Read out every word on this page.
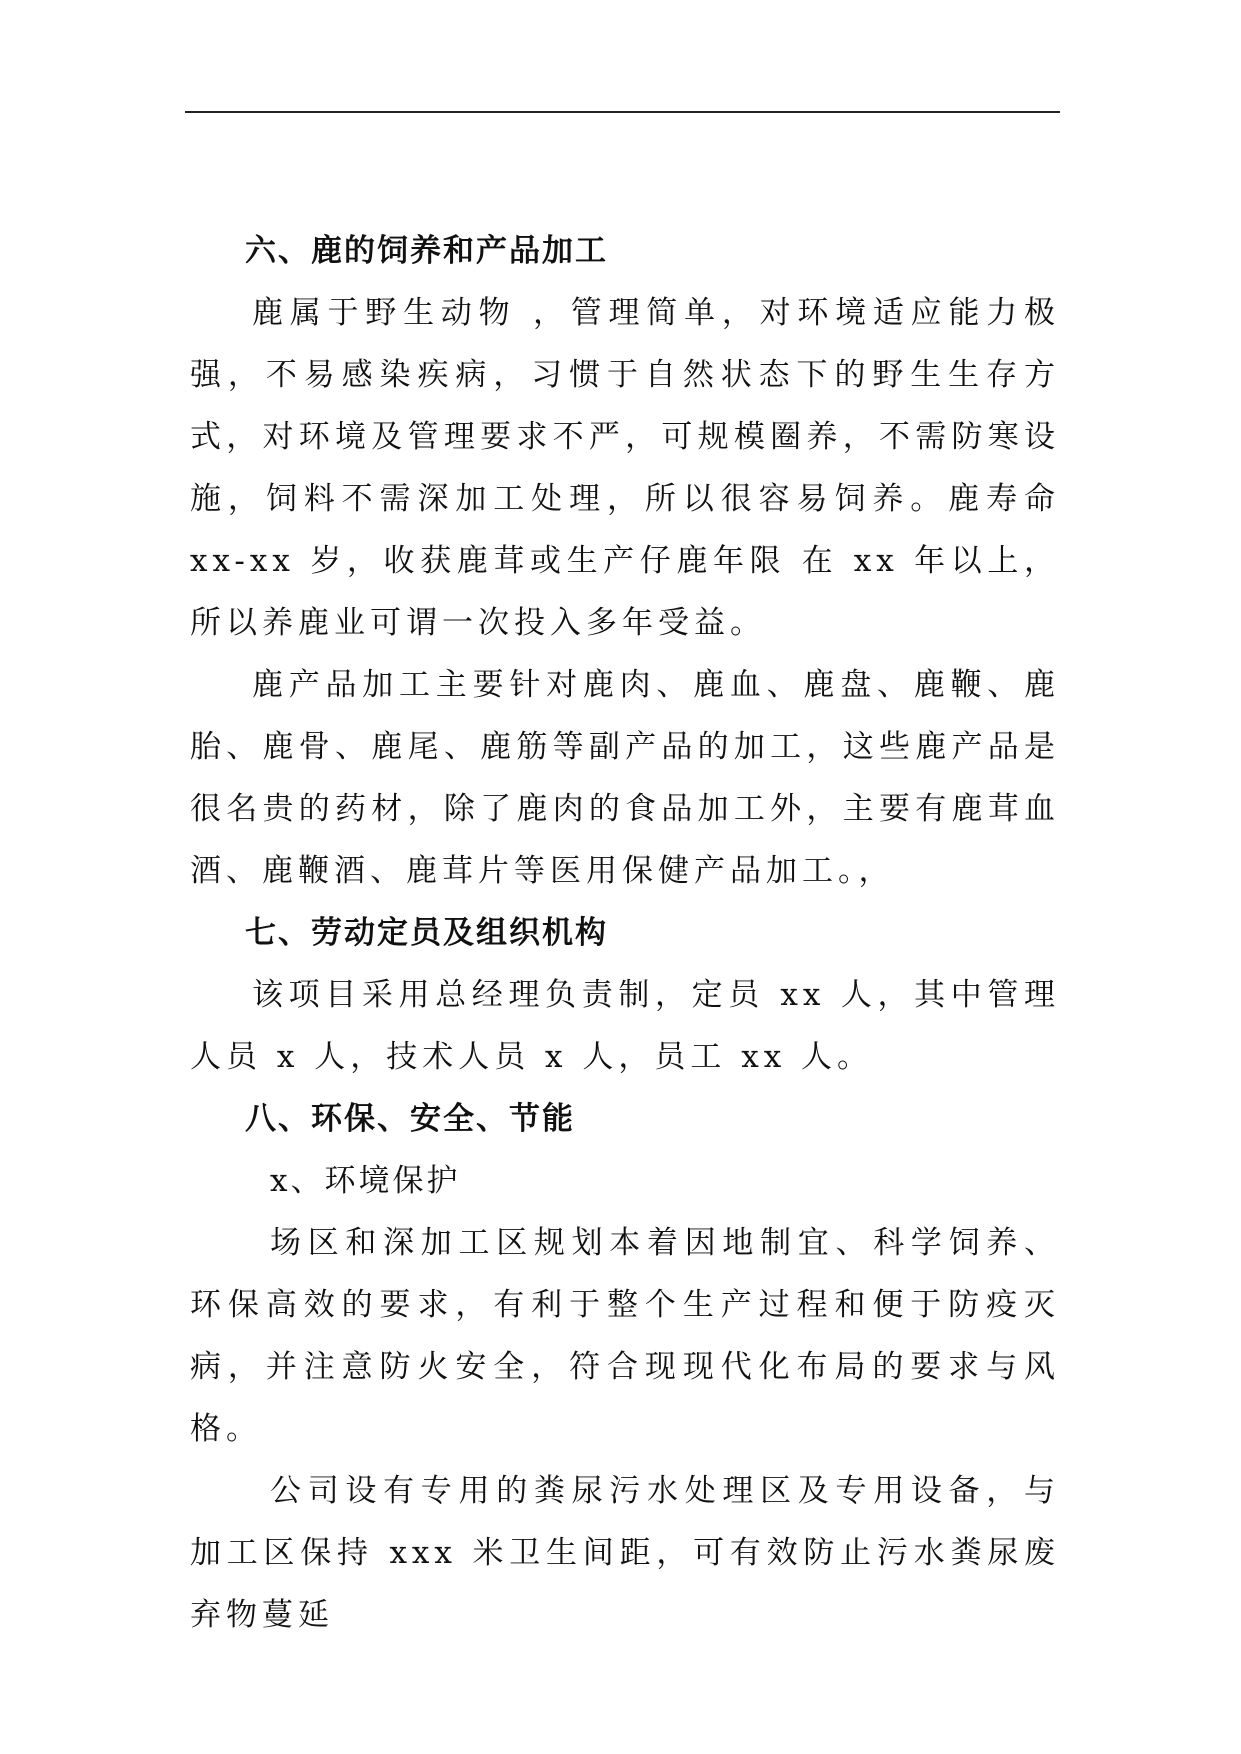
六、鹿的饲养和产品加工

鹿属于野生动物 ，管理简单，对环境适应能力极强，不易感染疾病，习惯于自然状态下的野生生存方式，对环境及管理要求不严，可规模圈养，不需防寒设施，饲料不需深加工处理，所以很容易饲养。鹿寿命 xx-xx 岁，收获鹿茸或生产仔鹿年限 在 xx 年以上，所以养鹿业可谓一次投入多年受益。

鹿产品加工主要针对鹿肉、鹿血、鹿盘、鹿鞭、鹿胎、鹿骨、鹿尾、鹿筋等副产品的加工，这些鹿产品是很名贵的药材，除了鹿肉的食品加工外，主要有鹿茸血酒、鹿鞭酒、鹿茸片等医用保健产品加工。，

七、劳动定员及组织机构

该项目采用总经理负责制，定员 xx 人，其中管理人员 x 人，技术人员 x 人，员工 xx 人。

八、环保、安全、节能

x、环境保护

场区和深加工区规划本着因地制宜、科学饲养、环保高效的要求，有利于整个生产过程和便于防疫灭病，并注意防火安全，符合现现代化布局的要求与风格。

公司设有专用的粪尿污水处理区及专用设备，与加工区保持 xxx 米卫生间距，可有效防止污水粪尿废弃物蔓延
